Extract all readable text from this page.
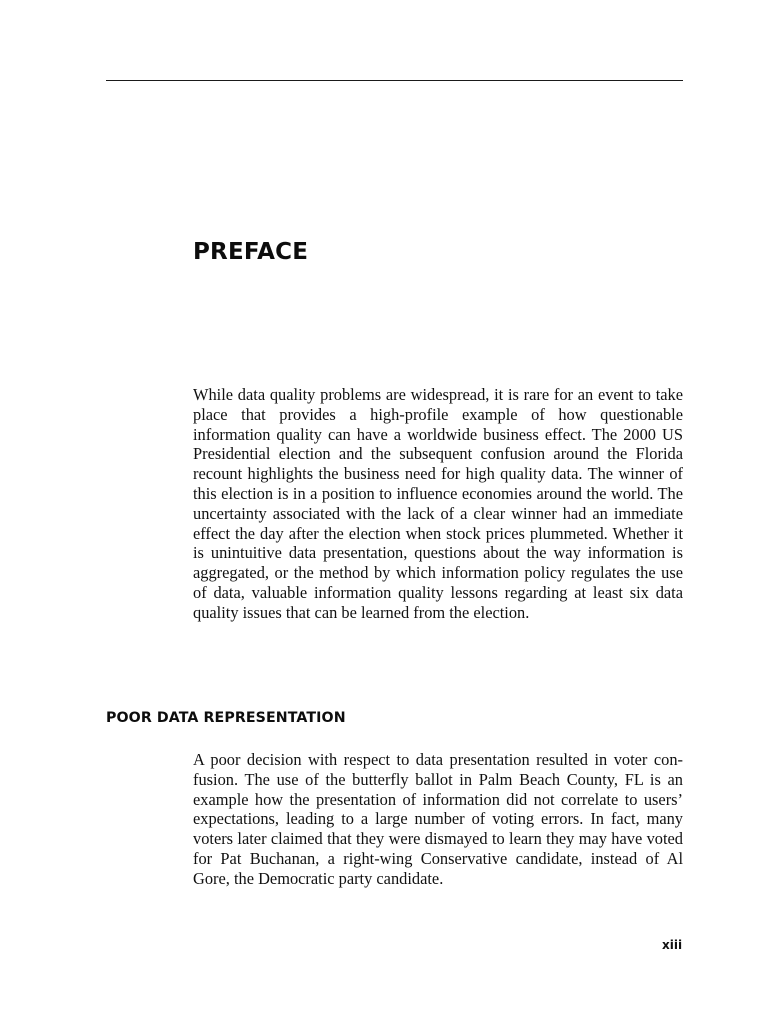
PREFACE

While data quality problems are widespread, it is rare for an event to take place that provides a high-profile example of how questionable information quality can have a worldwide business effect. The 2000 US Presidential election and the subsequent confusion around the Florida recount highlights the business need for high quality data. The winner of this election is in a position to influence economies around the world. The uncertainty associated with the lack of a clear winner had an immediate effect the day after the election when stock prices plummeted. Whether it is unintuitive data presentation, questions about the way information is aggregated, or the method by which information policy regulates the use of data, valuable information quality lessons regarding at least six data quality issues that can be learned from the election.

POOR DATA REPRESENTATION

A poor decision with respect to data presentation resulted in voter confusion. The use of the butterfly ballot in Palm Beach County, FL is an example how the presentation of information did not correlate to users’ expectations, leading to a large number of voting errors. In fact, many voters later claimed that they were dismayed to learn they may have voted for Pat Buchanan, a right-wing Conservative candidate, instead of Al Gore, the Democratic party candidate.

xiii
